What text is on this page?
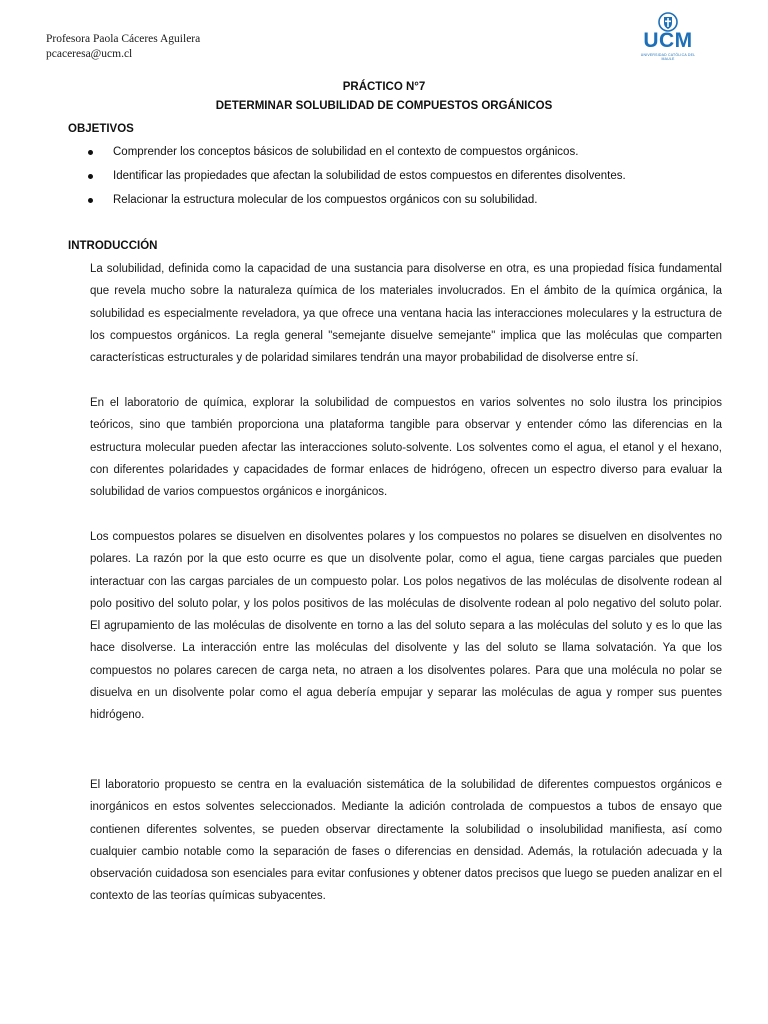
Profesora Paola Cáceres Aguilera
pcaceresa@ucm.cl
UCM
UNIVERSIDAD CATÓLICA DEL MAULE
PRÁCTICO N°7
DETERMINAR SOLUBILIDAD DE COMPUESTOS ORGÁNICOS
OBJETIVOS
Comprender los conceptos básicos de solubilidad en el contexto de compuestos orgánicos.
Identificar las propiedades que afectan la solubilidad de estos compuestos en diferentes disolventes.
Relacionar la estructura molecular de los compuestos orgánicos con su solubilidad.
INTRODUCCIÓN
La solubilidad, definida como la capacidad de una sustancia para disolverse en otra, es una propiedad física fundamental que revela mucho sobre la naturaleza química de los materiales involucrados. En el ámbito de la química orgánica, la solubilidad es especialmente reveladora, ya que ofrece una ventana hacia las interacciones moleculares y la estructura de los compuestos orgánicos. La regla general "semejante disuelve semejante" implica que las moléculas que comparten características estructurales y de polaridad similares tendrán una mayor probabilidad de disolverse entre sí.
En el laboratorio de química, explorar la solubilidad de compuestos en varios solventes no solo ilustra los principios teóricos, sino que también proporciona una plataforma tangible para observar y entender cómo las diferencias en la estructura molecular pueden afectar las interacciones soluto-solvente. Los solventes como el agua, el etanol y el hexano, con diferentes polaridades y capacidades de formar enlaces de hidrógeno, ofrecen un espectro diverso para evaluar la solubilidad de varios compuestos orgánicos e inorgánicos.
Los compuestos polares se disuelven en disolventes polares y los compuestos no polares se disuelven en disolventes no polares. La razón por la que esto ocurre es que un disolvente polar, como el agua, tiene cargas parciales que pueden interactuar con las cargas parciales de un compuesto polar. Los polos negativos de las moléculas de disolvente rodean al polo positivo del soluto polar, y los polos positivos de las moléculas de disolvente rodean al polo negativo del soluto polar. El agrupamiento de las moléculas de disolvente en torno a las del soluto separa a las moléculas del soluto y es lo que las hace disolverse. La interacción entre las moléculas del disolvente y las del soluto se llama solvatación. Ya que los compuestos no polares carecen de carga neta, no atraen a los disolventes polares. Para que una molécula no polar se disuelva en un disolvente polar como el agua debería empujar y separar las moléculas de agua y romper sus puentes hidrógeno.
El laboratorio propuesto se centra en la evaluación sistemática de la solubilidad de diferentes compuestos orgánicos e inorgánicos en estos solventes seleccionados. Mediante la adición controlada de compuestos a tubos de ensayo que contienen diferentes solventes, se pueden observar directamente la solubilidad o insolubilidad manifiesta, así como cualquier cambio notable como la separación de fases o diferencias en densidad. Además, la rotulación adecuada y la observación cuidadosa son esenciales para evitar confusiones y obtener datos precisos que luego se pueden analizar en el contexto de las teorías químicas subyacentes.
